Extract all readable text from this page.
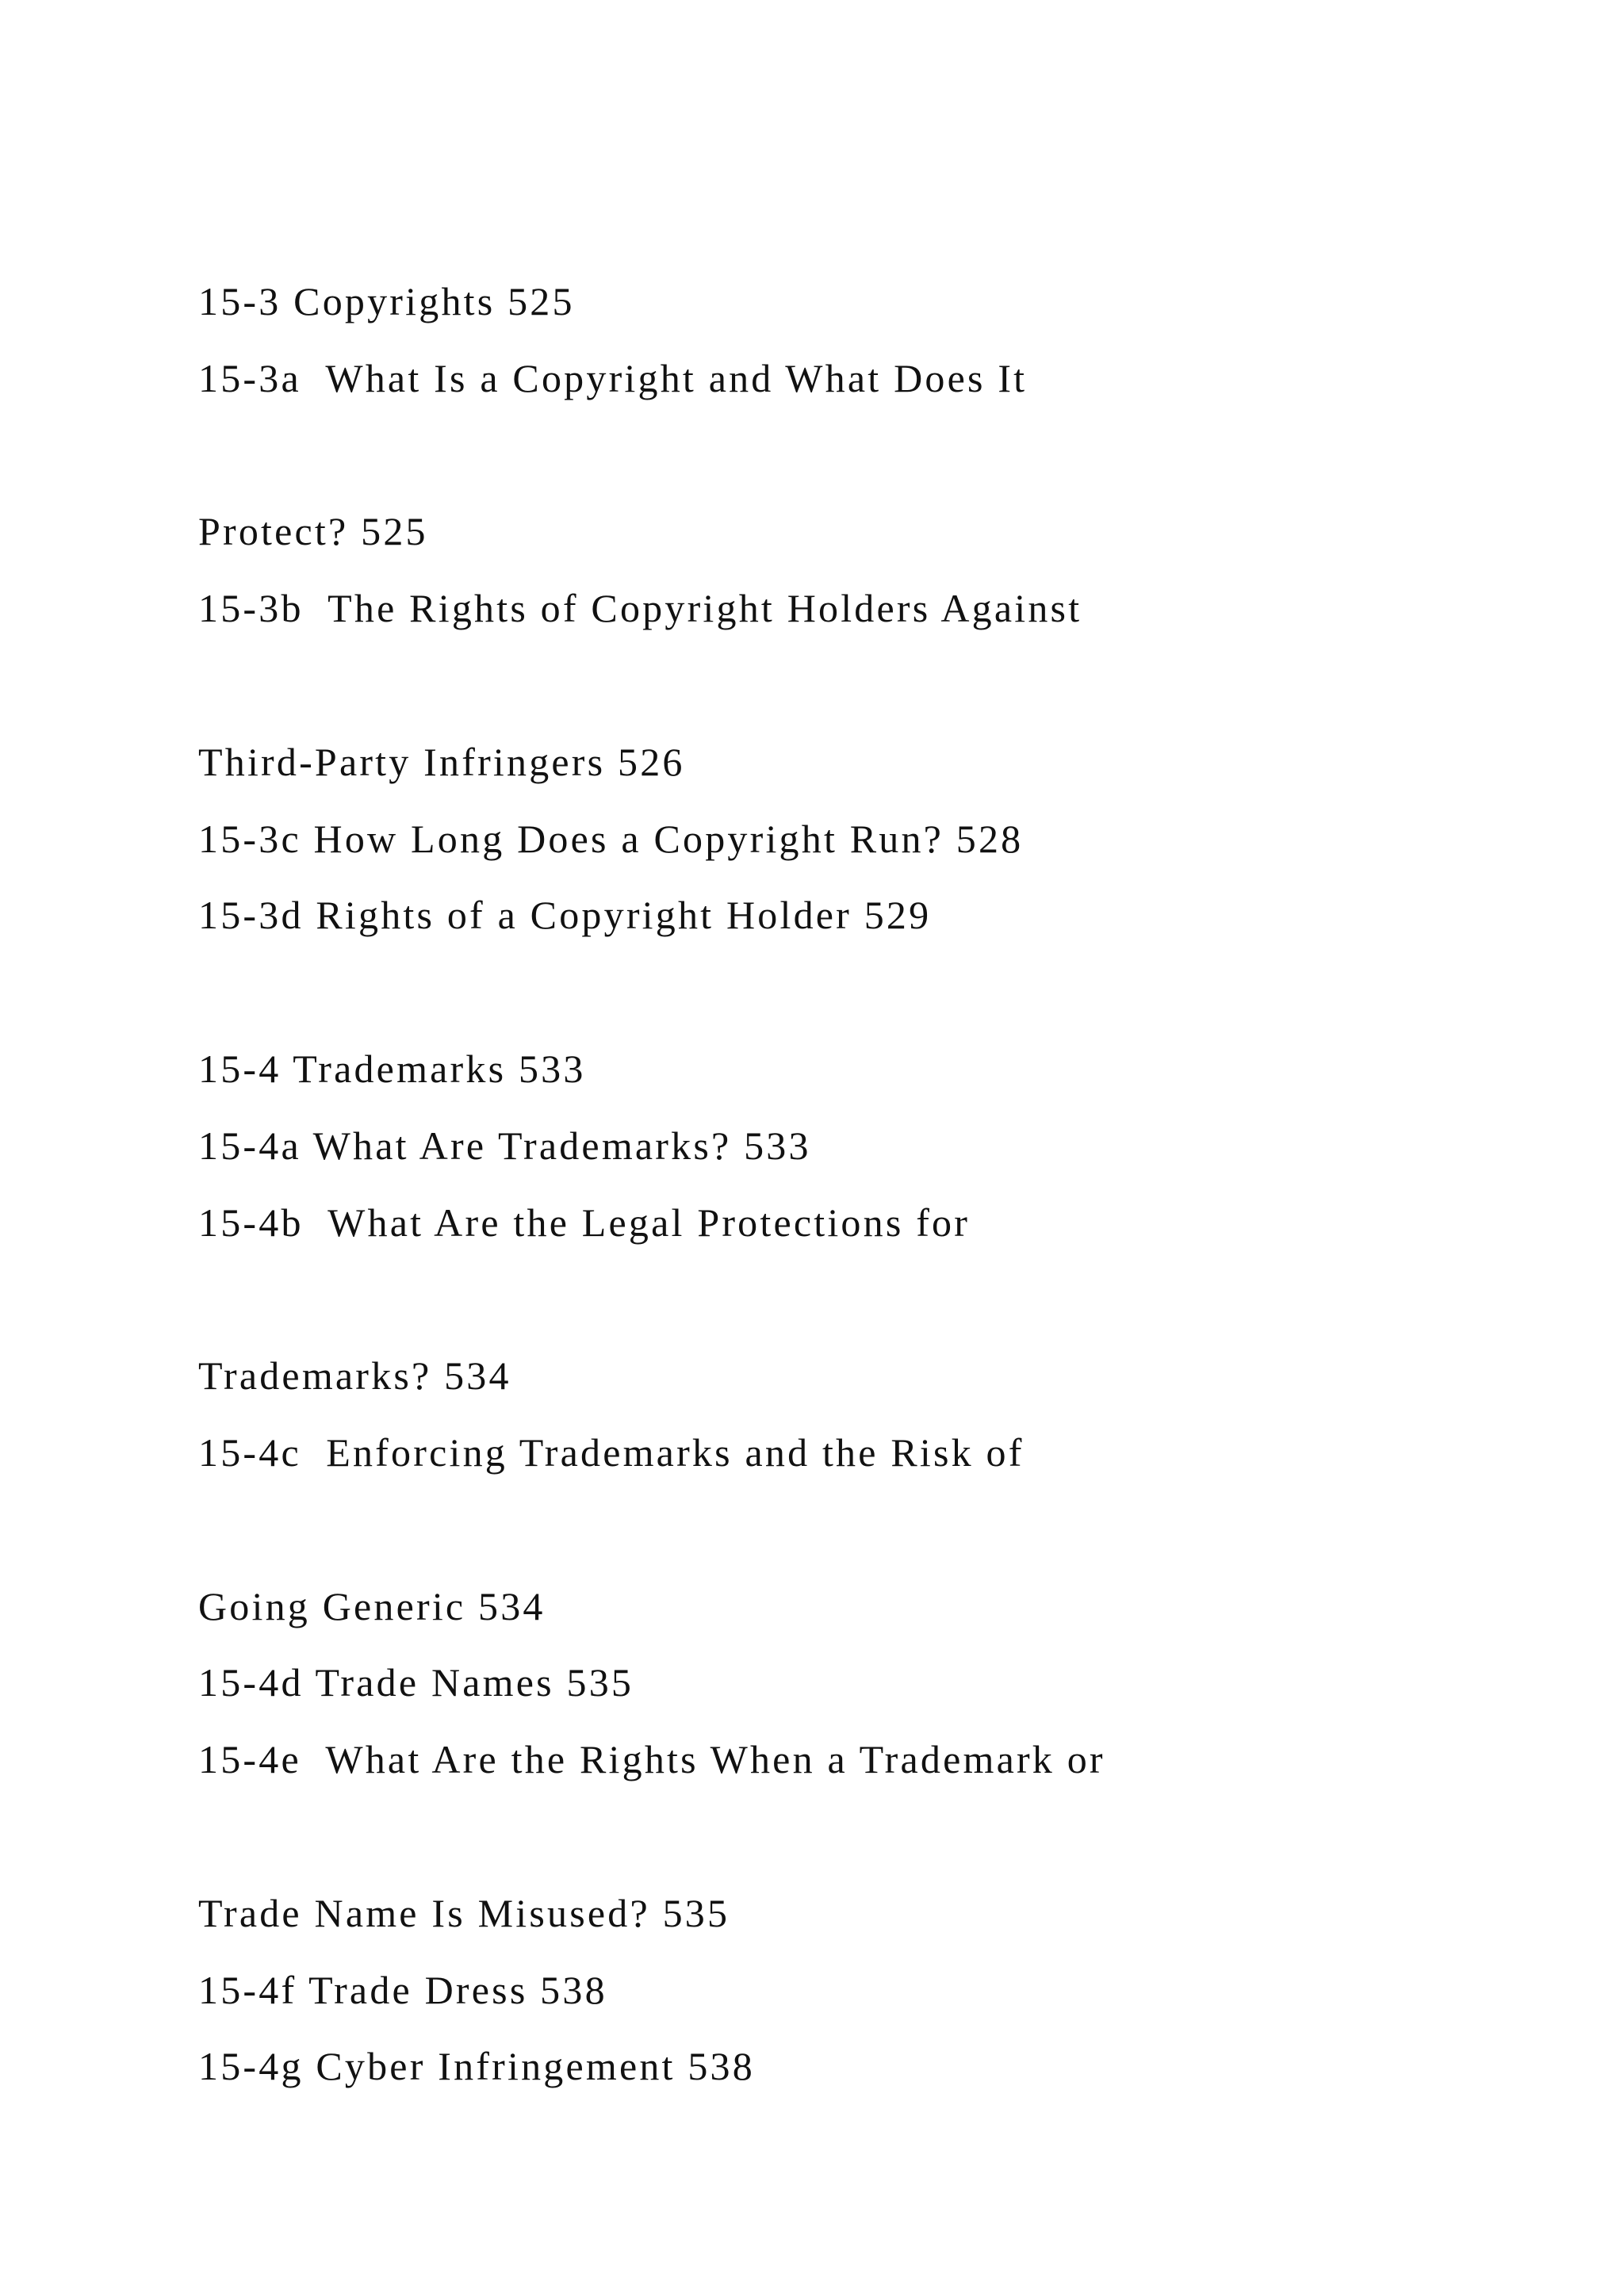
15-3 Copyrights 525
15-3a  What Is a Copyright and What Does It
Protect? 525
15-3b  The Rights of Copyright Holders Against
Third-Party Infringers 526
15-3c How Long Does a Copyright Run? 528
15-3d Rights of a Copyright Holder 529
15-4 Trademarks 533
15-4a What Are Trademarks? 533
15-4b  What Are the Legal Protections for
Trademarks? 534
15-4c  Enforcing Trademarks and the Risk of
Going Generic 534
15-4d Trade Names 535
15-4e  What Are the Rights When a Trademark or
Trade Name Is Misused? 535
15-4f Trade Dress 538
15-4g Cyber Infringement 538
